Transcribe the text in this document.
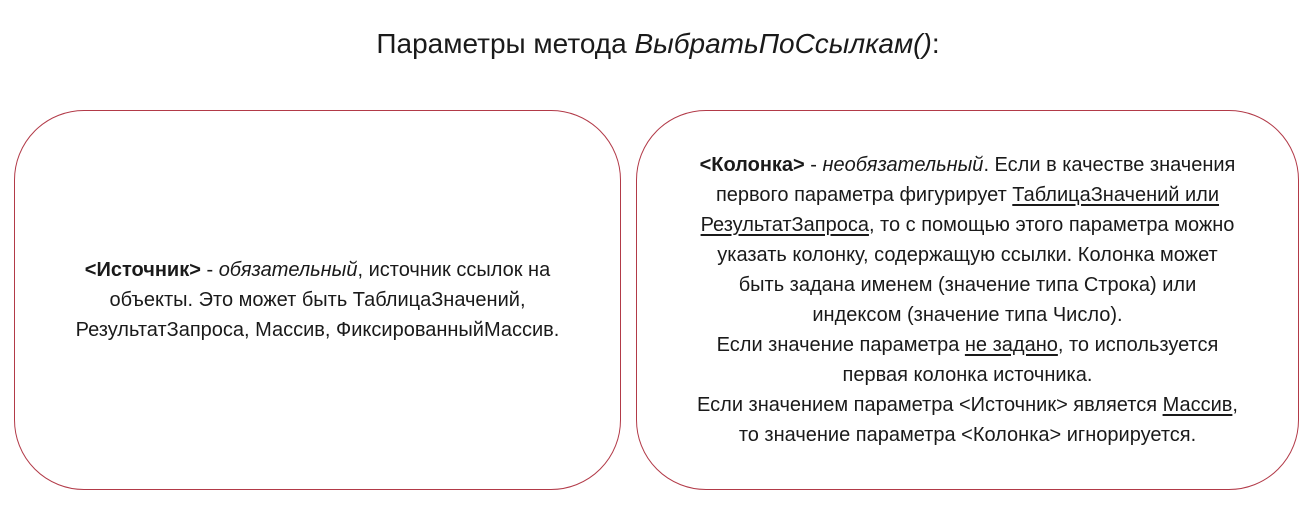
Параметры метода ВыбратьПоСсылкам():

<Источник> - обязательный, источник ссылок на
объекты. Это может быть ТаблицаЗначений,
РезультатЗапроса, Массив, ФиксированныйМассив.

<Колонка> - необязательный. Если в качестве значения
первого параметра фигурирует ТаблицаЗначений или
РезультатЗапроса, то с помощью этого параметра можно
указать колонку, содержащую ссылки. Колонка может
быть задана именем (значение типа Строка) или
индексом (значение типа Число).
Если значение параметра не задано, то используется
первая колонка источника.
Если значением параметра <Источник> является Массив,
то значение параметра <Колонка> игнорируется.
